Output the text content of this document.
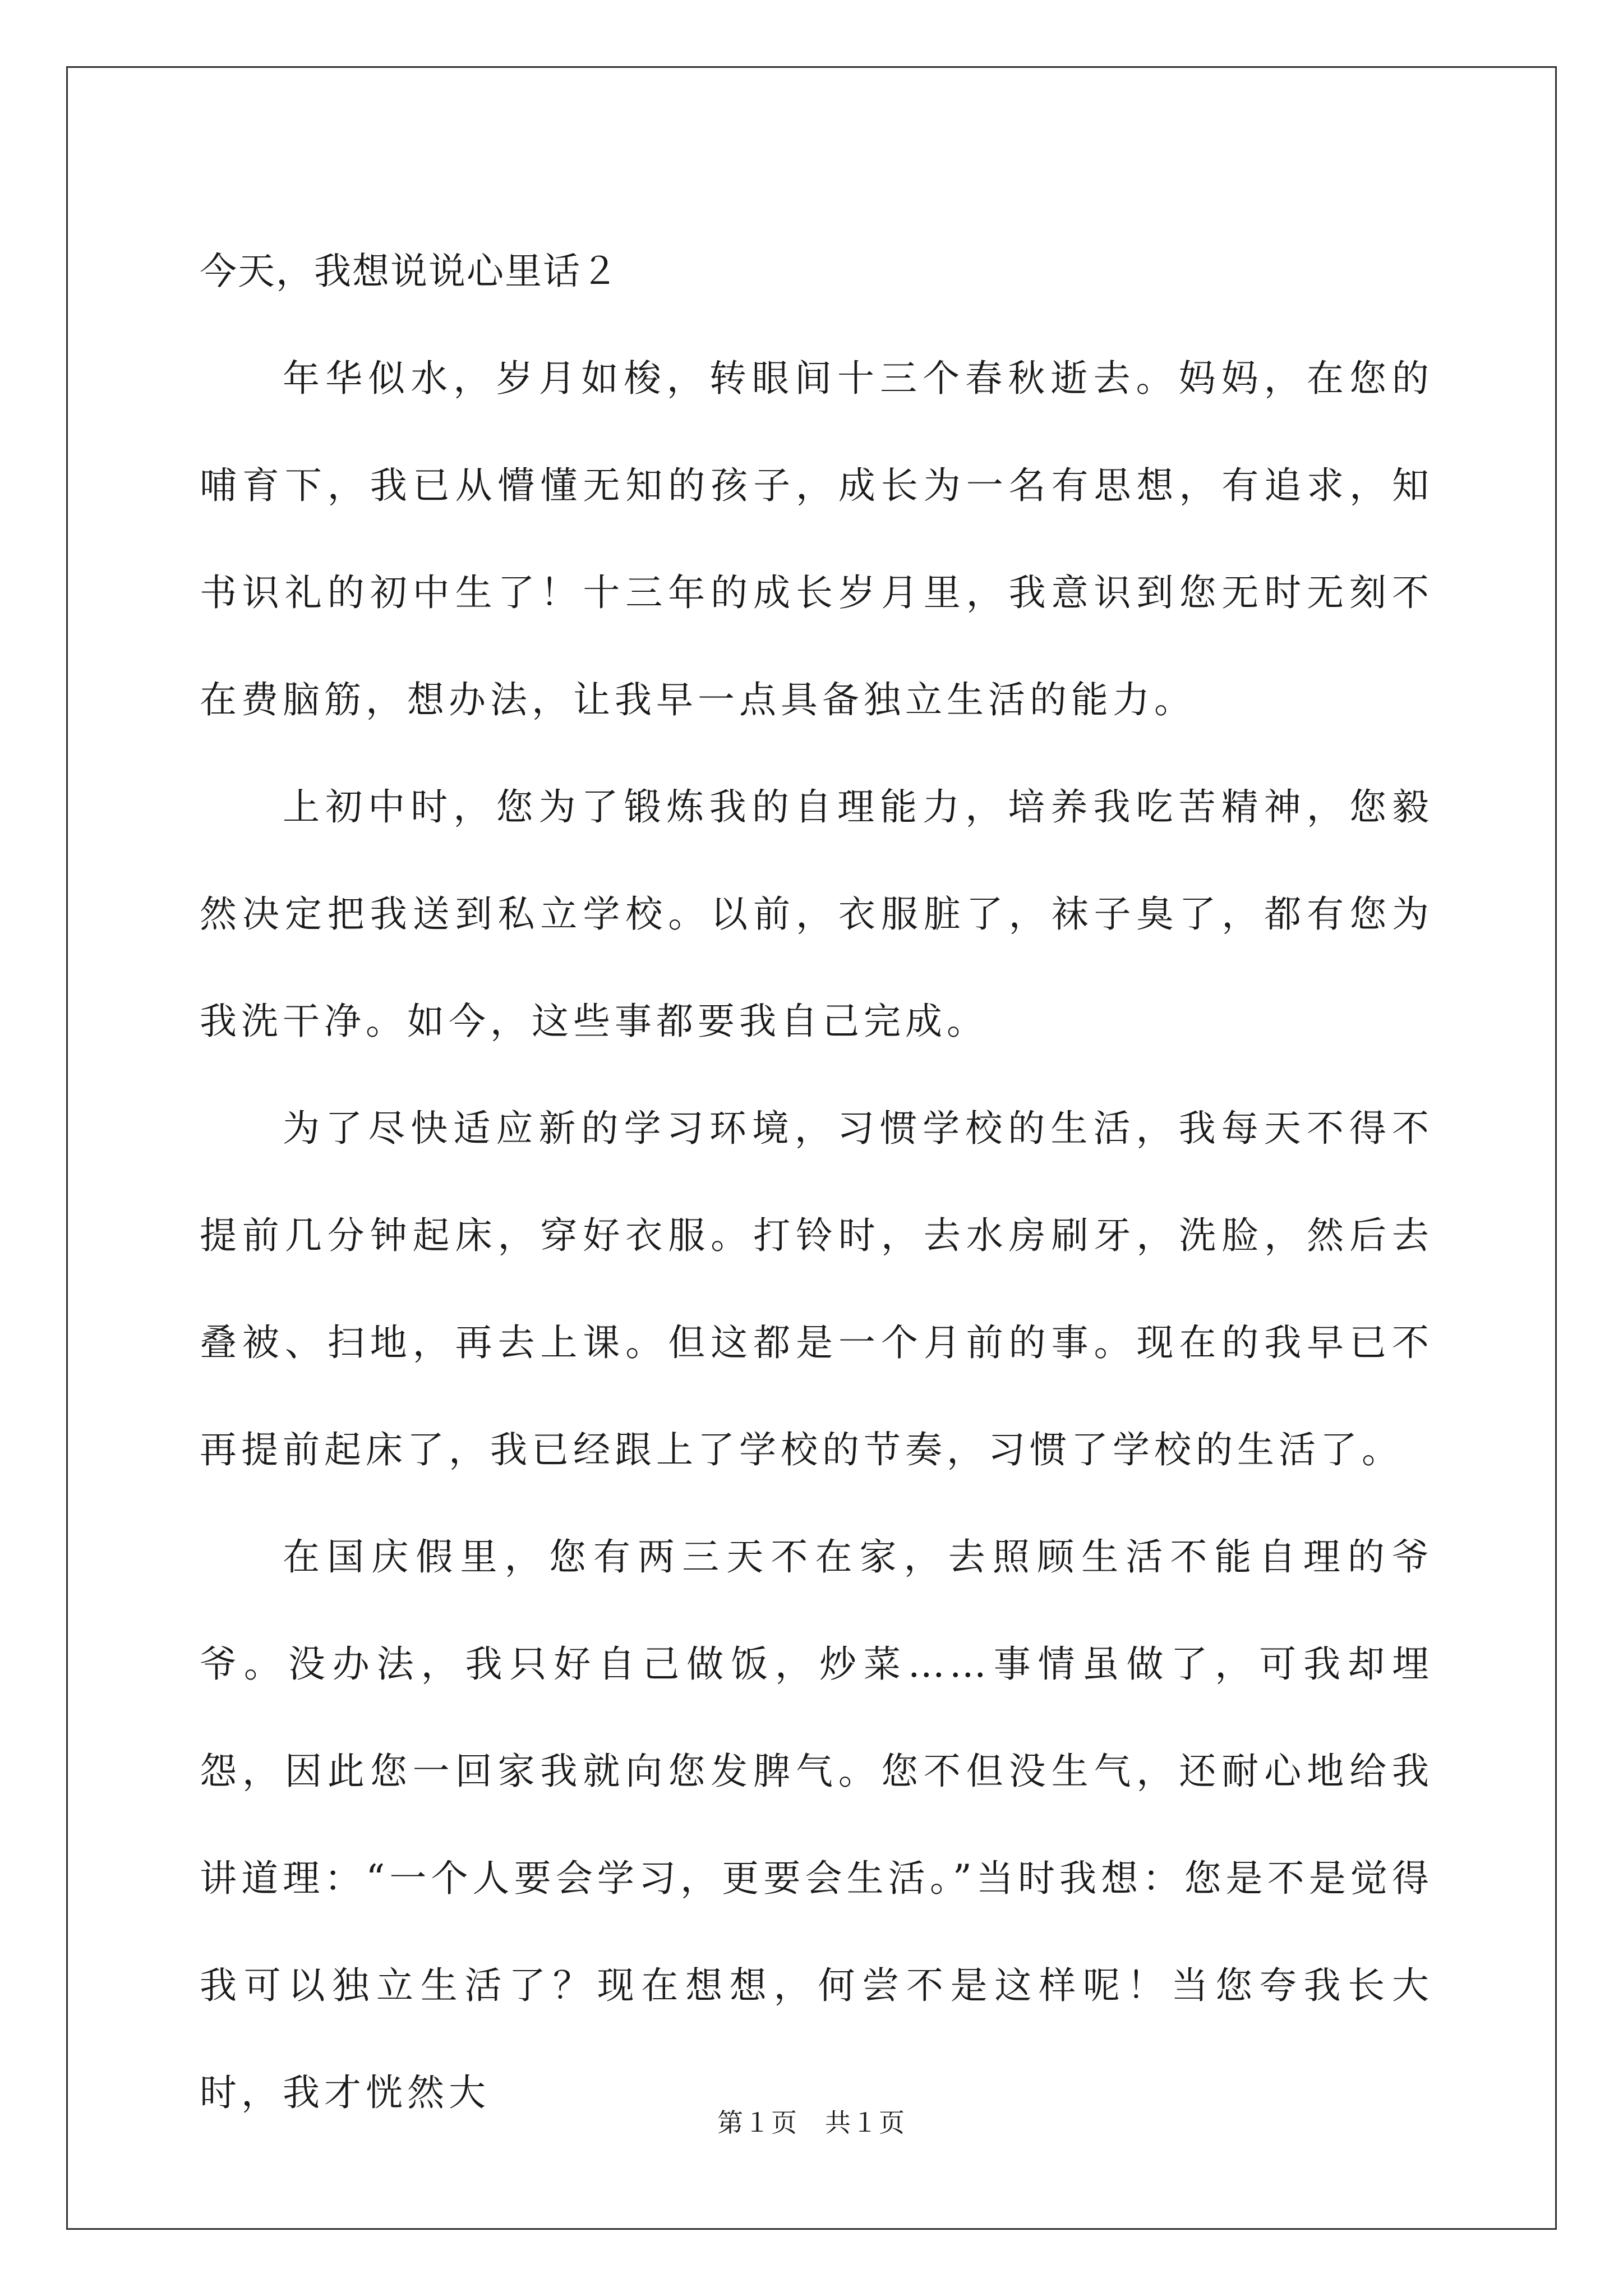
今天，我想说说心里话２

年华似水，岁月如梭，转眼间十三个春秋逝去。妈妈，在您的哺育下，我已从懵懂无知的孩子，成长为一名有思想，有追求，知书识礼的初中生了！十三年的成长岁月里，我意识到您无时无刻不在费脑筋，想办法，让我早一点具备独立生活的能力。

上初中时，您为了锻炼我的自理能力，培养我吃苦精神，您毅然决定把我送到私立学校。以前，衣服脏了，袜子臭了，都有您为我洗干净。如今，这些事都要我自己完成。

为了尽快适应新的学习环境，习惯学校的生活，我每天不得不提前几分钟起床，穿好衣服。打铃时，去水房刷牙，洗脸，然后去叠被、扫地，再去上课。但这都是一个月前的事。现在的我早已不再提前起床了，我已经跟上了学校的节奏，习惯了学校的生活了。

在国庆假里，您有两三天不在家，去照顾生活不能自理的爷爷。没办法，我只好自己做饭，炒菜……事情虽做了，可我却埋怨，因此您一回家我就向您发脾气。您不但没生气，还耐心地给我讲道理：“一个人要会学习，更要会生活。”当时我想：您是不是觉得我可以独立生活了？现在想想，何尝不是这样呢！当您夸我长大时，我才恍然大

第１页 共１页
